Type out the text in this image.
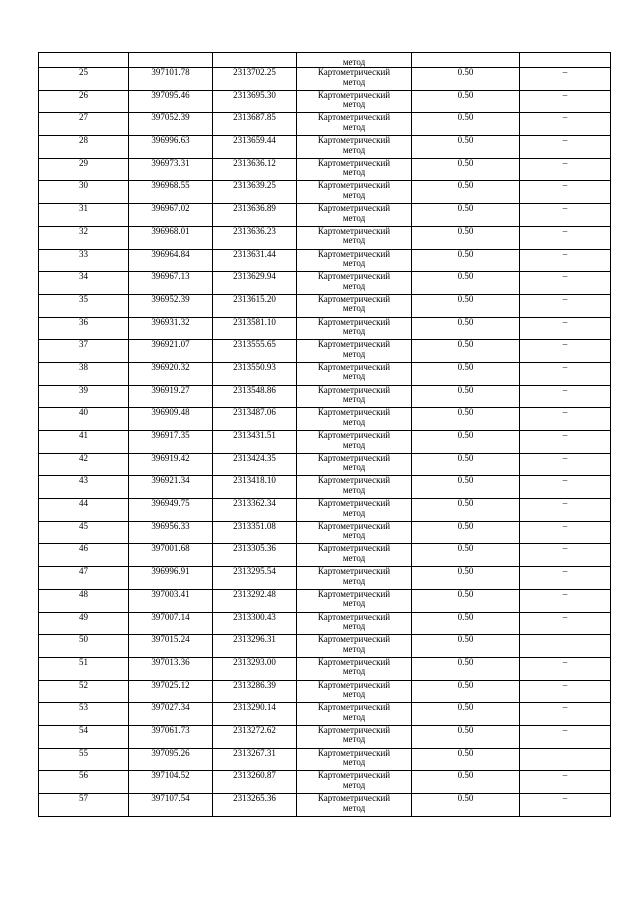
			метод		

25	397101.78	2313702.25	Картометрический
метод	0.50	–
26	397095.46	2313695.30	Картометрический
метод	0.50	–
27	397052.39	2313687.85	Картометрический
метод	0.50	–
28	396996.63	2313659.44	Картометрический
метод	0.50	–
29	396973.31	2313636.12	Картометрический
метод	0.50	–
30	396968.55	2313639.25	Картометрический
метод	0.50	–
31	396967.02	2313636.89	Картометрический
метод	0.50	–
32	396968.01	2313636.23	Картометрический
метод	0.50	–
33	396964.84	2313631.44	Картометрический
метод	0.50	–
34	396967.13	2313629.94	Картометрический
метод	0.50	–
35	396952.39	2313615.20	Картометрический
метод	0.50	–
36	396931.32	2313581.10	Картометрический
метод	0.50	–
37	396921.07	2313555.65	Картометрический
метод	0.50	–
38	396920.32	2313550.93	Картометрический
метод	0.50	–
39	396919.27	2313548.86	Картометрический
метод	0.50	–
40	396909.48	2313487.06	Картометрический
метод	0.50	–
41	396917.35	2313431.51	Картометрический
метод	0.50	–
42	396919.42	2313424.35	Картометрический
метод	0.50	–
43	396921.34	2313418.10	Картометрический
метод	0.50	–
44	396949.75	2313362.34	Картометрический
метод	0.50	–
45	396956.33	2313351.08	Картометрический
метод	0.50	–
46	397001.68	2313305.36	Картометрический
метод	0.50	–
47	396996.91	2313295.54	Картометрический
метод	0.50	–
48	397003.41	2313292.48	Картометрический
метод	0.50	–
49	397007.14	2313300.43	Картометрический
метод	0.50	–
50	397015.24	2313296.31	Картометрический
метод	0.50	
51	397013.36	2313293.00	Картометрический
метод	0.50	–
52	397025.12	2313286.39	Картометрический
метод	0.50	–
53	397027.34	2313290.14	Картометрический
метод	0.50	–
54	397061.73	2313272.62	Картометрический
метод	0.50	–
55	397095.26	2313267.31	Картометрический
метод	0.50	
56	397104.52	2313260.87	Картометрический
метод	0.50	–
57	397107.54	2313265.36	Картометрический
метод	0.50	–
